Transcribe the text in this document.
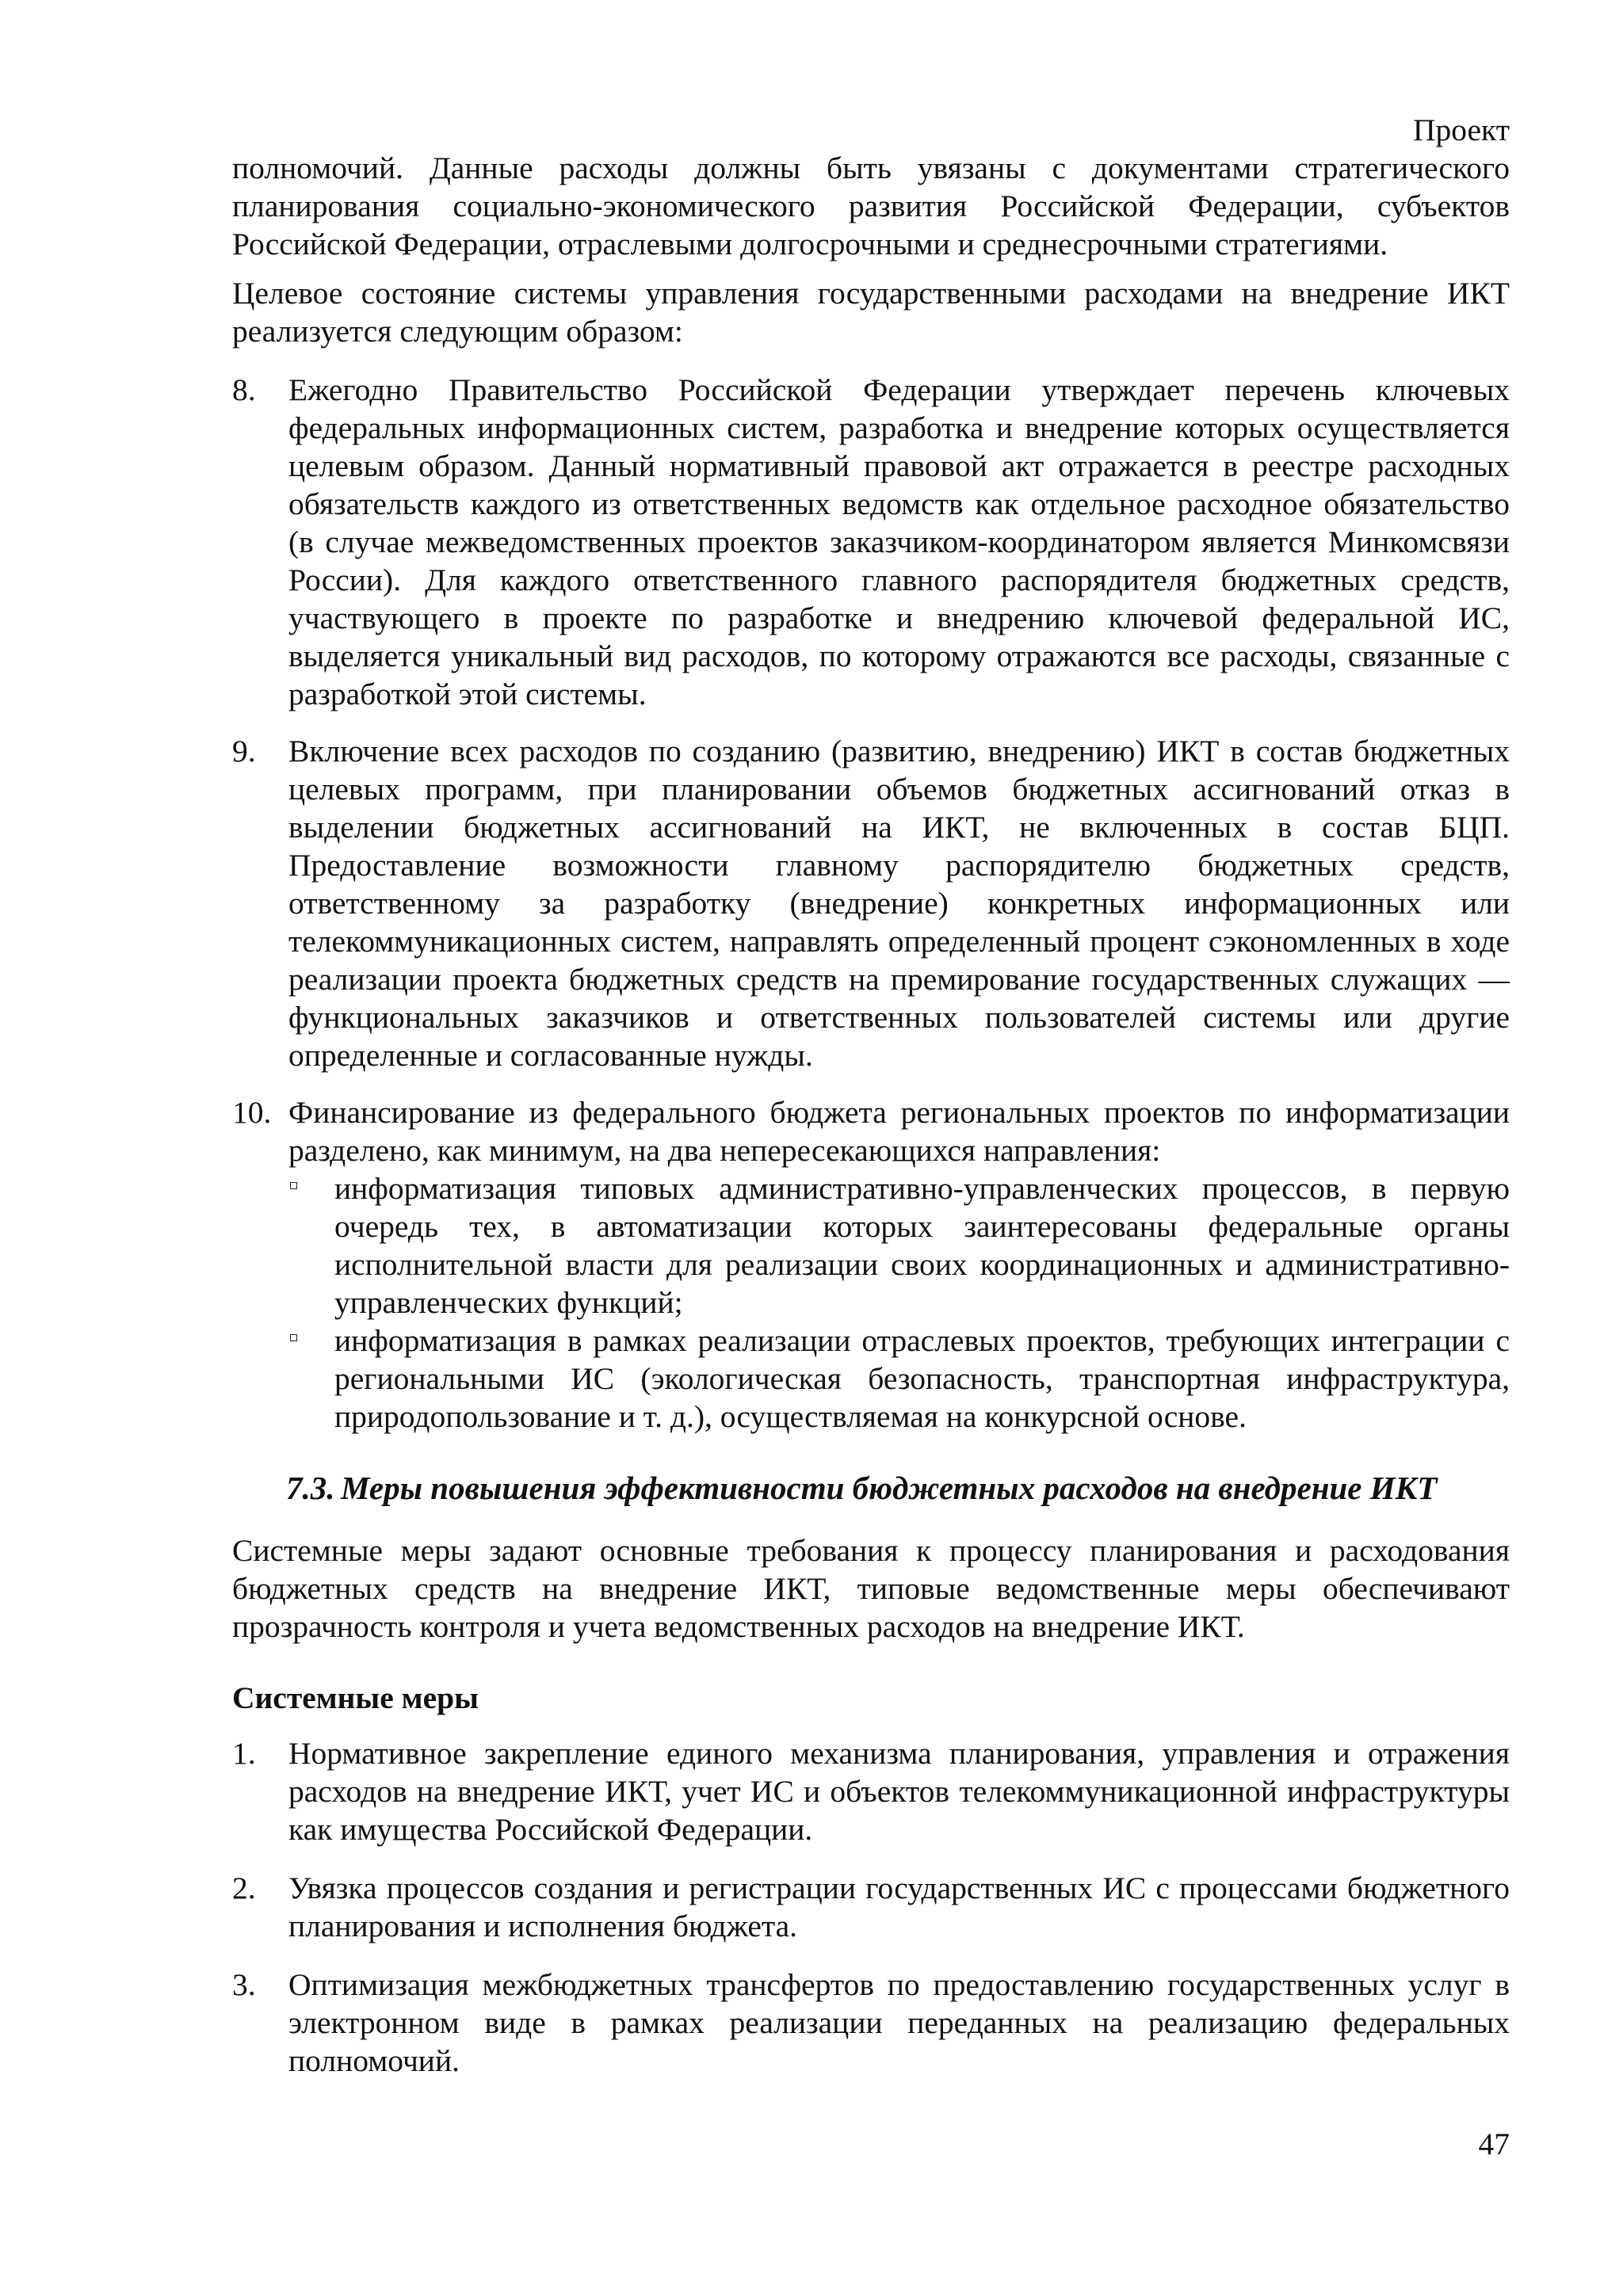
Проект

полномочий. Данные расходы должны быть увязаны с документами стратегического планирования социально-экономического развития Российской Федерации, субъектов Российской Федерации, отраслевыми долгосрочными и среднесрочными стратегиями.

Целевое состояние системы управления государственными расходами на внедрение ИКТ реализуется следующим образом:

8. Ежегодно Правительство Российской Федерации утверждает перечень ключевых федеральных информационных систем, разработка и внедрение которых осуществляется целевым образом. Данный нормативный правовой акт отражается в реестре расходных обязательств каждого из ответственных ведомств как отдельное расходное обязательство (в случае межведомственных проектов заказчиком-координатором является Минкомсвязи России). Для каждого ответственного главного распорядителя бюджетных средств, участвующего в проекте по разработке и внедрению ключевой федеральной ИС, выделяется уникальный вид расходов, по которому отражаются все расходы, связанные с разработкой этой системы.
9. Включение всех расходов по созданию (развитию, внедрению) ИКТ в состав бюджетных целевых программ, при планировании объемов бюджетных ассигнований отказ в выделении бюджетных ассигнований на ИКТ, не включенных в состав БЦП. Предоставление возможности главному распорядителю бюджетных средств, ответственному за разработку (внедрение) конкретных информационных или телекоммуникационных систем, направлять определенный процент сэкономленных в ходе реализации проекта бюджетных средств на премирование государственных служащих — функциональных заказчиков и ответственных пользователей системы или другие определенные и согласованные нужды.
10. Финансирование из федерального бюджета региональных проектов по информатизации разделено, как минимум, на два непересекающихся направления:
информатизация типовых административно-управленческих процессов, в первую очередь тех, в автоматизации которых заинтересованы федеральные органы исполнительной власти для реализации своих координационных и административно-управленческих функций;
информатизация в рамках реализации отраслевых проектов, требующих интеграции с региональными ИС (экологическая безопасность, транспортная инфраструктура, природопользование и т. д.), осуществляемая на конкурсной основе.
7.3. Меры повышения эффективности бюджетных расходов на внедрение ИКТ

Системные меры задают основные требования к процессу планирования и расходования бюджетных средств на внедрение ИКТ, типовые ведомственные меры обеспечивают прозрачность контроля и учета ведомственных расходов на внедрение ИКТ.

Системные меры
1. Нормативное закрепление единого механизма планирования, управления и отражения расходов на внедрение ИКТ, учет ИС и объектов телекоммуникационной инфраструктуры как имущества Российской Федерации.
2. Увязка процессов создания и регистрации государственных ИС с процессами бюджетного планирования и исполнения бюджета.
3. Оптимизация межбюджетных трансфертов по предоставлению государственных услуг в электронном виде в рамках реализации переданных на реализацию федеральных полномочий.
47
